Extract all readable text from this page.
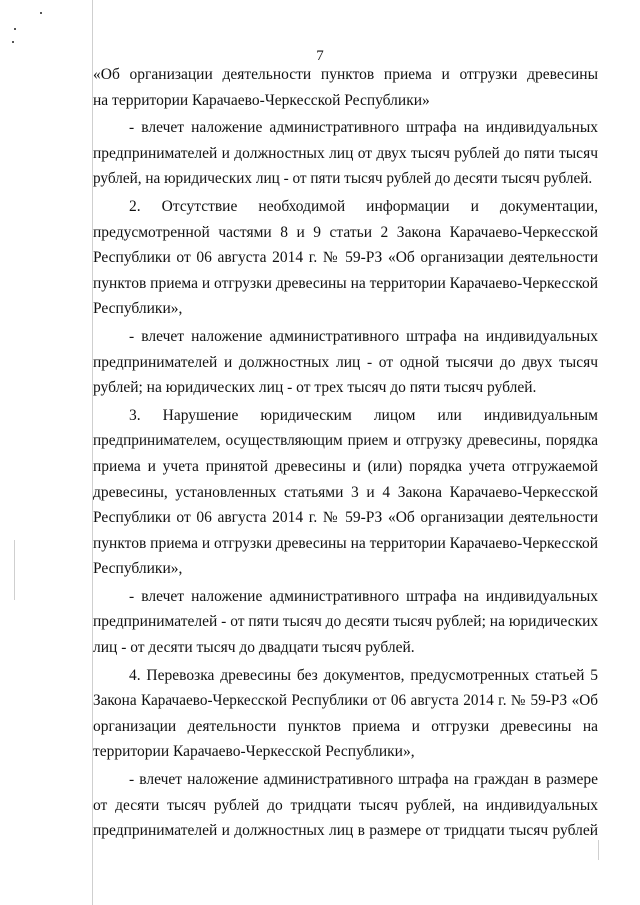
7

«Об организации деятельности пунктов приема и отгрузки древесины
на территории Карачаево-Черкесской Республики»

- влечет наложение административного штрафа на индивидуальных
предпринимателей и должностных лиц от двух тысяч рублей до пяти тысяч
рублей, на юридических лиц - от пяти тысяч рублей до десяти тысяч рублей.

2. Отсутствие необходимой информации и документации,
предусмотренной частями 8 и 9 статьи 2 Закона Карачаево-Черкесской
Республики от 06 августа 2014 г. № 59-РЗ «Об организации деятельности
пунктов приема и отгрузки древесины на территории Карачаево-Черкесской
Республики»,

- влечет наложение административного штрафа на индивидуальных
предпринимателей и должностных лиц - от одной тысячи до двух тысяч
рублей; на юридических лиц - от трех тысяч до пяти тысяч рублей.

3. Нарушение юридическим лицом или индивидуальным
предпринимателем, осуществляющим прием и отгрузку древесины, порядка
приема и учета принятой древесины и (или) порядка учета отгружаемой
древесины, установленных статьями 3 и 4 Закона Карачаево-Черкесской
Республики от 06 августа 2014 г. № 59-РЗ «Об организации деятельности
пунктов приема и отгрузки древесины на территории Карачаево-Черкесской
Республики»,

- влечет наложение административного штрафа на индивидуальных
предпринимателей - от пяти тысяч до десяти тысяч рублей; на юридических
лиц - от десяти тысяч до двадцати тысяч рублей.

4. Перевозка древесины без документов, предусмотренных статьей 5
Закона Карачаево-Черкесской Республики от 06 августа 2014 г. № 59-РЗ «Об
организации деятельности пунктов приема и отгрузки древесины на
территории Карачаево-Черкесской Республики»,

- влечет наложение административного штрафа на граждан в размере
от десяти тысяч рублей до тридцати тысяч рублей, на индивидуальных
предпринимателей и должностных лиц в размере от тридцати тысяч рублей
